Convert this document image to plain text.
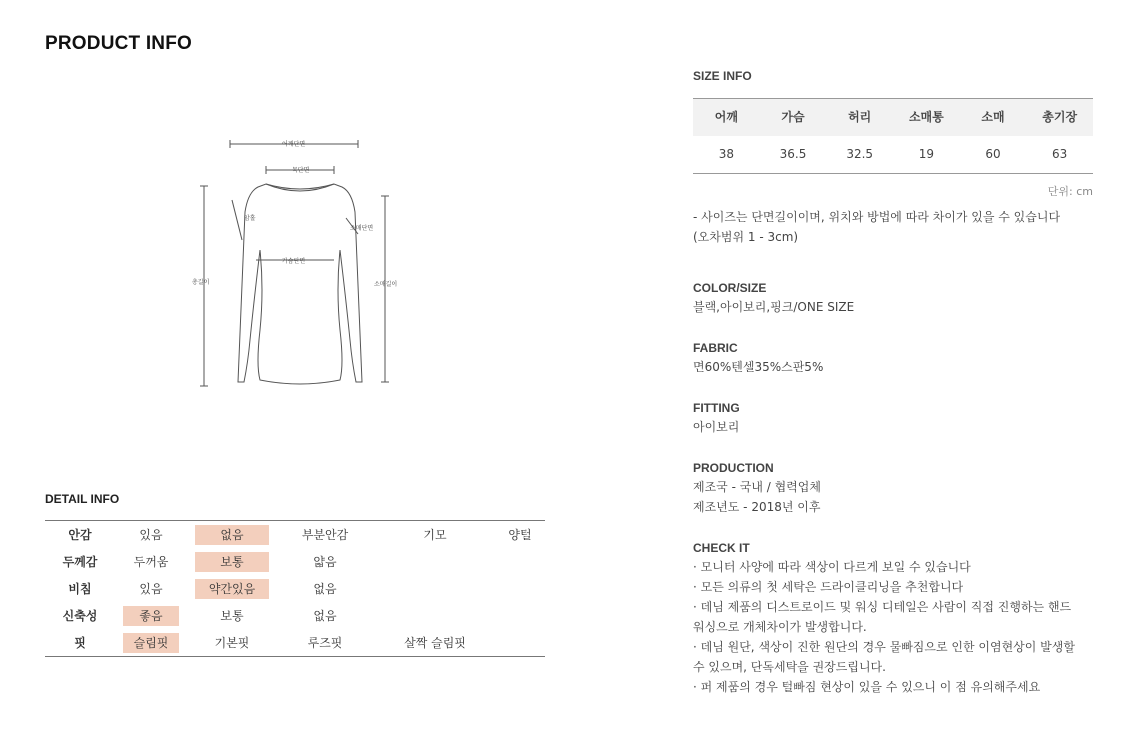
PRODUCT INFO
어깨단면
목단면
암홀
소매단면
가슴단면
총길이	소매길이
DETAIL INFO
안감	있음	없음	부분안감	기모	양털
두께감	두꺼움	보통	얇음
비침	있음	약간있음	없음
신축성	좋음	보통	없음
핏	슬림핏	기본핏	루즈핏	살짝 슬림핏
SIZE INFO
어깨	가슴	허리	소매통	소매	총기장
38	36.5	32.5	19	60	63
단위: cm
- 사이즈는 단면길이이며, 위치와 방법에 따라 차이가 있을 수 있습니다
(오차범위 1 - 3cm)
COLOR/SIZE
블랙,아이보리,핑크/ONE SIZE
FABRIC
면60%텐셀35%스판5%
FITTING
아이보리
PRODUCTION
제조국 - 국내 / 협력업체
제조년도 - 2018년 이후
CHECK IT
· 모니터 사양에 따라 색상이 다르게 보일 수 있습니다
· 모든 의류의 첫 세탁은 드라이클리닝을 추천합니다
· 데님 제품의 디스트로이드 및 워싱 디테일은 사람이 직접 진행하는 핸드
워싱으로 개체차이가 발생합니다.
· 데님 원단, 색상이 진한 원단의 경우 물빠짐으로 인한 이염현상이 발생할
수 있으며, 단독세탁을 권장드립니다.
· 퍼 제품의 경우 털빠짐 현상이 있을 수 있으니 이 점 유의해주세요
